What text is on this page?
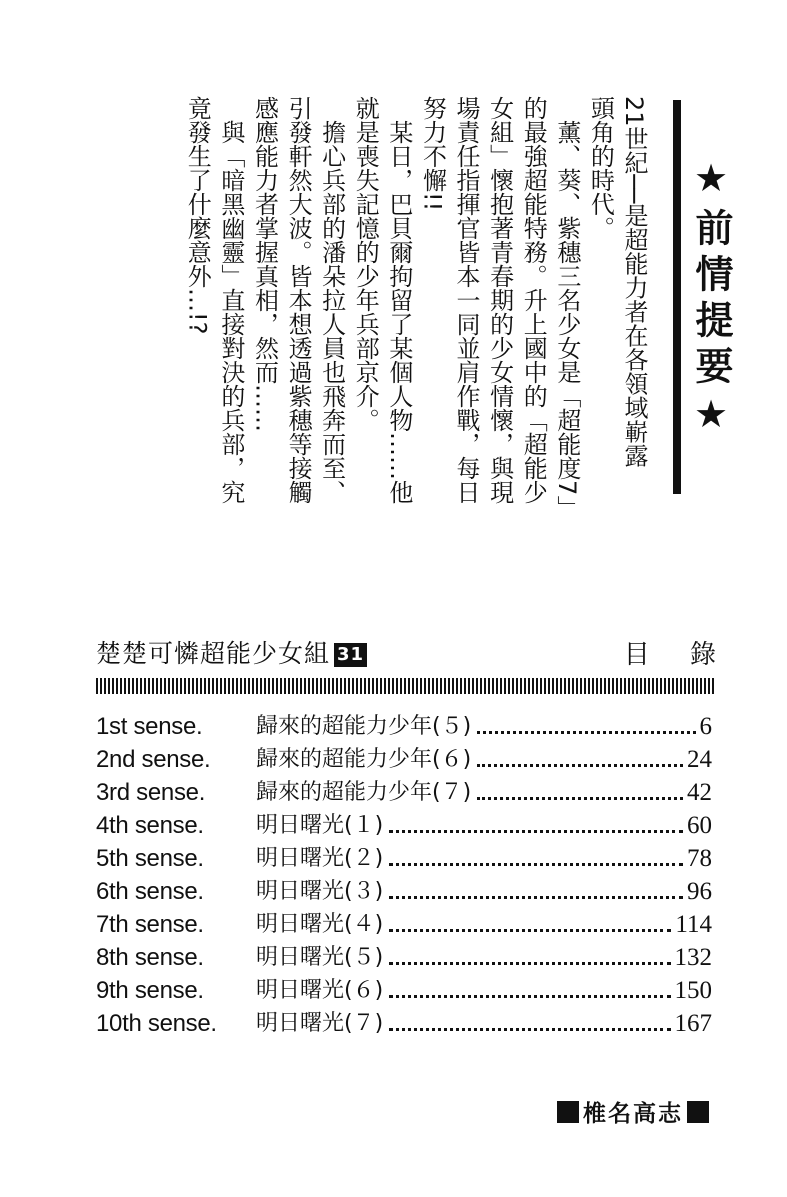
★前情提要★

21世紀──是超能力者在各領域嶄露

頭角的時代。

薰、葵、紫穗三名少女是「超能度7」

的最強超能特務。升上國中的「超能少

女組」懷抱著青春期的少女情懷，與現

場責任指揮官皆本一同並肩作戰，每日

努力不懈!!

某日，巴貝爾拘留了某個人物……他

就是喪失記憶的少年兵部京介。

擔心兵部的潘朵拉人員也飛奔而至、

引發軒然大波。皆本想透過紫穗等接觸

感應能力者掌握真相，然而……

與「暗黑幽靈」直接對決的兵部，究

竟發生了什麼意外…!?

楚楚可憐超能少女組 31	目 錄
1st sense. 歸來的超能力少年(５)	6
2nd sense. 歸來的超能力少年(６)	24
3rd sense. 歸來的超能力少年(７)	42
4th sense. 明日曙光(１)	60
5th sense. 明日曙光(２)	78
6th sense. 明日曙光(３)	96
7th sense. 明日曙光(４)	114
8th sense. 明日曙光(５)	132
9th sense. 明日曙光(６)	150
10th sense. 明日曙光(７)	167
椎名高志
